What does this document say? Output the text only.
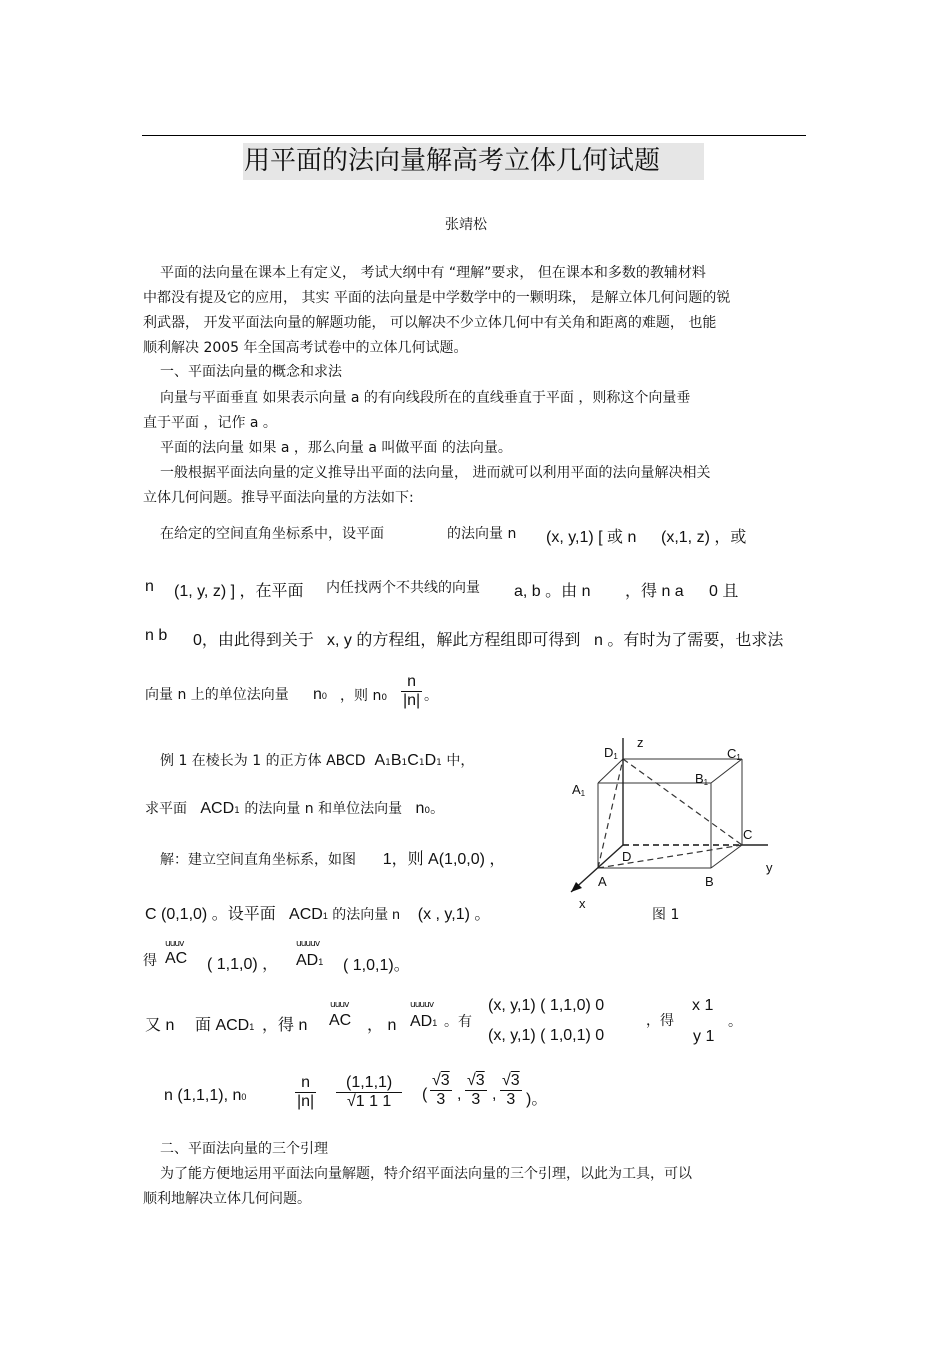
用平面的法向量解高考立体几何试题
张靖松
平面的法向量在课本上有定义， 考试大纲中有 “理解”要求， 但在课本和多数的教辅材料
中都没有提及它的应用， 其实 平面的法向量是中学数学中的一颗明珠， 是解立体几何问题的锐
利武器， 开发平面法向量的解题功能， 可以解决不少立体几何中有关角和距离的难题， 也能
顺利解决 2005 年全国高考试卷中的立体几何试题。
一、平面法向量的概念和求法
向量与平面垂直 如果表示向量 a 的有向线段所在的直线垂直于平面 ，则称这个向量垂
直于平面 ，记作 a 。
平面的法向量 如果 a ，那么向量 a 叫做平面 的法向量。
一般根据平面法向量的定义推导出平面的法向量， 进而就可以利用平面的法向量解决相关
立体几何问题。推导平面法向量的方法如下:
在给定的空间直角坐标系中，设平面	的法向量 n (x, y,1) [ 或 n (x,1, z) ，或
n (1, y, z) ] ，在平面 内任找两个不共线的向量 a, b 。由 n ，得 n a 0 且
n b 0，由此得到关于 x, y 的方程组，解此方程组即可得到 n 。有时为了需要，也求法
向量 n 上的单位法向量 n0 ，则 $n0 \frac{n}{|n|}$ 。
例 1 在棱长为 1 的正方体 ABCD A1B1C1D1 中，
求平面 ACD1 的法向量 n 和单位法向量 n0。
解：建立空间直角坐标系，如图 1，则 A(1,0,0) ，
C (0,1,0) 。设平面 ACD1 的法向量 n (x , y,1) 。
得
uuuv
AC ( 1,1,0) ，
uuuuv
AD1 ( 1,0,1)。
又 n 面 ACD1 ，得 n
uuuv
AC ， n
uuuuv
AD1 。有
(x, y,1) ( 1,1,0) 0
(x, y,1) ( 1,0,1) 0
，得
x 1
y 1
。
n (1,1,1), n0	$\frac{n}{|n|} \frac{(1,1,1)}{√1 1 1}$ ( $\frac{√3}{3}$ , $\frac{√3}{3}$ , $\frac{√3}{3}$ )。
二、平面法向量的三个引理
为了能方便地运用平面法向量解题，特介绍平面法向量的三个引理，以此为工具，可以
顺利地解决立体几何问题。
D1
z
C1
A1
B1
C
D
y
A	B
x
图 1
